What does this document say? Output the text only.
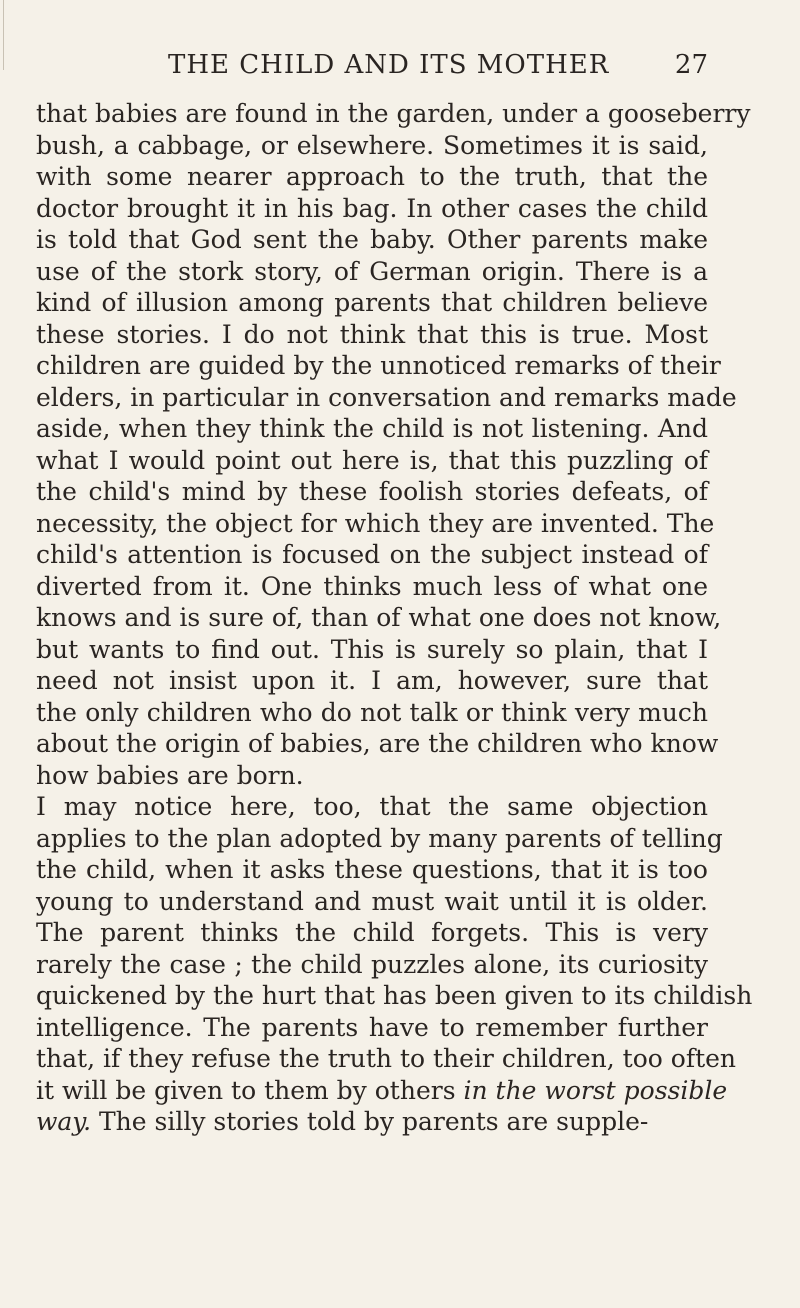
THE CHILD AND ITS MOTHER	27
that babies are found in the garden, under a gooseberry
bush, a cabbage, or elsewhere. Sometimes it is said,
with some nearer approach to the truth, that the
doctor brought it in his bag. In other cases the child
is told that God sent the baby. Other parents make
use of the stork story, of German origin. There is a
kind of illusion among parents that children believe
these stories. I do not think that this is true. Most
children are guided by the unnoticed remarks of their
elders, in particular in conversation and remarks made
aside, when they think the child is not listening. And
what I would point out here is, that this puzzling of
the child's mind by these foolish stories defeats, of
necessity, the object for which they are invented. The
child's attention is focused on the subject instead of
diverted from it. One thinks much less of what one
knows and is sure of, than of what one does not know,
but wants to find out. This is surely so plain, that I
need not insist upon it. I am, however, sure that
the only children who do not talk or think very much
about the origin of babies, are the children who know
how babies are born.
I may notice here, too, that the same objection
applies to the plan adopted by many parents of telling
the child, when it asks these questions, that it is too
young to understand and must wait until it is older.
The parent thinks the child forgets. This is very
rarely the case ; the child puzzles alone, its curiosity
quickened by the hurt that has been given to its childish
intelligence. The parents have to remember further
that, if they refuse the truth to their children, too often
it will be given to them by others in the worst possible
way. The silly stories told by parents are supple-
